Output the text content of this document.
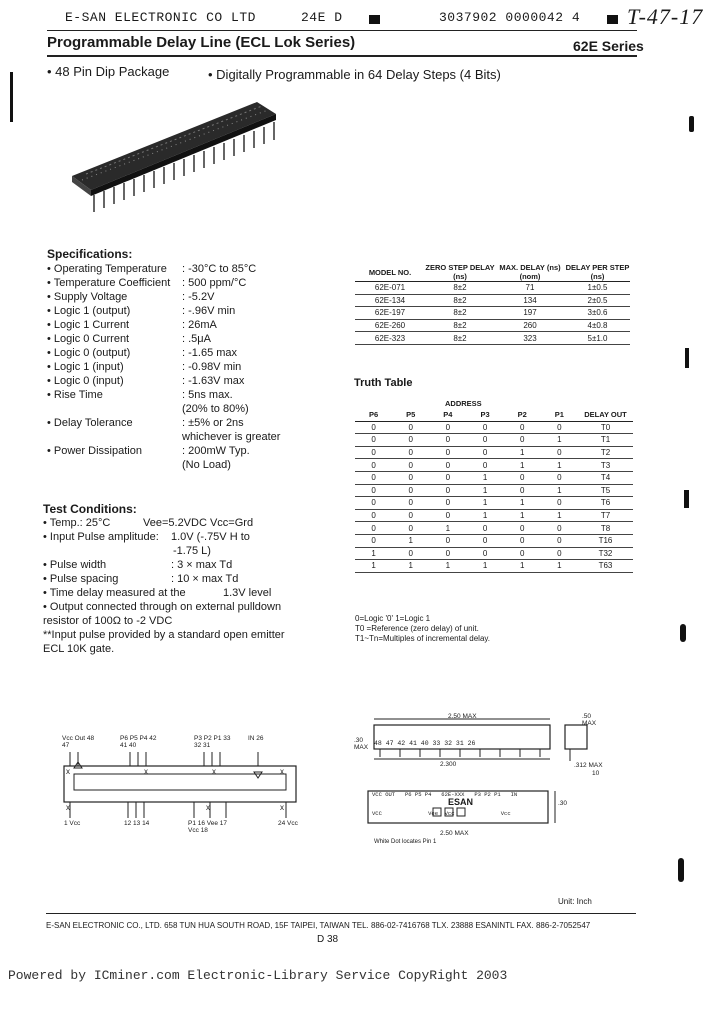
E-SAN ELECTRONIC CO LTD	24E D	3037902 0000042 4 T-47-17
Programmable Delay Line (ECL Lok Series)	62E Series
• 48 Pin Dip Package	• Digitally Programmable in 64 Delay Steps (4 Bits)
Specifications:
• Operating Temperature : -30°C to 85°C
• Temperature Coefficient : 500 ppm/°C
• Supply Voltage	: -5.2V
• Logic 1 (output)	: -.96V min
• Logic 1 Current	: 26mA
• Logic 0 Current	: .5μA
• Logic 0 (output)	: -1.65 max
• Logic 1 (input)	: -0.98V min
• Logic 0 (input)	: -1.63V max
• Rise Time	: 5ns max.
(20% to 80%)
• Delay Tolerance	: ±5% or 2ns
whichever is greater
• Power Dissipation	: 200mW Typ.
(No Load)
Test Conditions:
• Temp.: 25°C	Vee=5.2VDC Vcc=Grd
• Input Pulse amplitude: 1.0V (-.75V H to
-1.75 L)
• Pulse width	: 3 × max Td
• Pulse spacing	: 10 × max Td
• Time delay measured at the	1.3V level
• Output connected through on external pulldown
resistor of 100Ω to -2 VDC
**Input pulse provided by a standard open emitter
ECL 10K gate.
MODEL NO.	ZERO STEP DELAY (ns)	MAX. DELAY (ns) (nom)	DELAY PER STEP (ns)
62E-071	8±2	71	1±0.5
62E-134	8±2	134	2±0.5
62E-197	8±2	197	3±0.6
62E-260	8±2	260	4±0.8
62E-323	8±2	323	5±1.0
Truth Table
ADDRESS
P6	P5	P4	P3	P2	P1	DELAY OUT
0	0	0	0	0	0	T0
0	0	0	0	0	1	T1
0	0	0	0	1	0	T2
0	0	0	0	1	1	T3
0	0	0	1	0	0	T4
0	0	0	1	0	1	T5
0	0	0	1	1	0	T6
0	0	0	1	1	1	T7
0	0	1	0	0	0	T8
0	1	0	0	0	0	T16
1	0	0	0	0	0	T32
1	1	1	1	1	1	T63
0=Logic '0' 1=Logic 1
T0 =Reference (zero delay) of unit.
T1~Tn=Multiples of incremental delay.
Vcc Out 48 47
P6 P5 P4 42 41 40
P3 P2 P1 33 32 31
IN 26
x	x	x	x
x	x	x
1 Vcc	12 13 14	P1 16 Vee 17 Vcc 18
24 Vcc
2.50 MAX
.30 MAX
48 47 42 41 40 33 32 31 26
2.300
.50 MAX
.312 MAX
10
ESAN
VCC OUT   P6 P5 P4   62E-XXX   P3 P2 P1   IN
VCC              Vee  Vcc              Vcc
.30
2.50 MAX
White Dot locates Pin 1
Unit: Inch
E-SAN ELECTRONIC CO., LTD. 658 TUN HUA SOUTH ROAD, 15F TAIPEI, TAIWAN TEL. 886-02-7416768 TLX. 23888 ESANINTL FAX. 886-2-7052547
D 38
Powered by ICminer.com Electronic-Library Service CopyRight 2003
